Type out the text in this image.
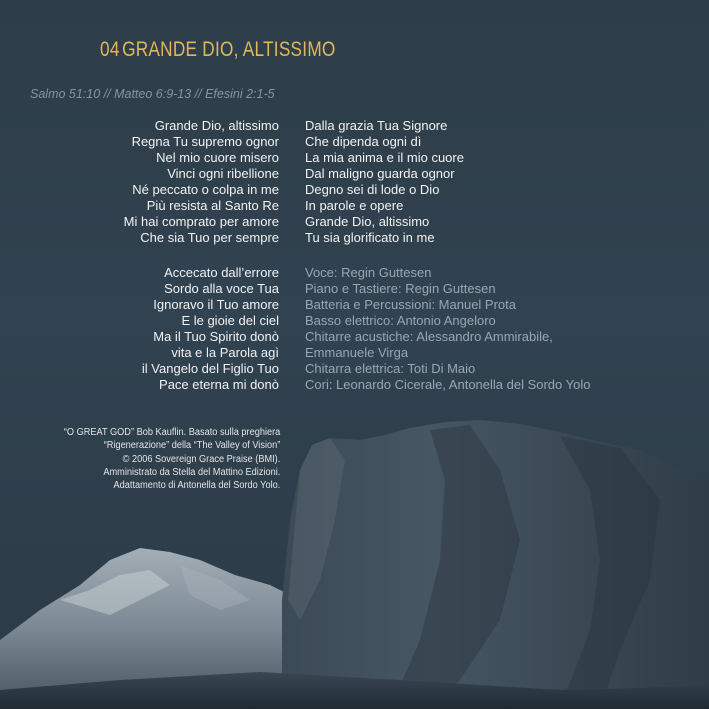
04 GRANDE DIO, ALTISSIMO
Salmo 51:10 // Matteo 6:9-13 // Efesini 2:1-5
Grande Dio, altissimo
Regna Tu supremo ognor
Nel mio cuore misero
Vinci ogni ribellione
Né peccato o colpa in me
Più resista al Santo Re
Mi hai comprato per amore
Che sia Tuo per sempre
Dalla grazia Tua Signore
Che dipenda ogni dì
La mia anima e il mio cuore
Dal maligno guarda ognor
Degno sei di lode o Dio
In parole e opere
Grande Dio, altissimo
Tu sia glorificato in me
Accecato dall’errore
Sordo alla voce Tua
Ignoravo il Tuo amore
E le gioie del ciel
Ma il Tuo Spirito donò
vita e la Parola agì
il Vangelo del Figlio Tuo
Pace eterna mi donò
Voce: Regin Guttesen
Piano e Tastiere: Regin Guttesen
Batteria e Percussioni: Manuel Prota
Basso elettrico: Antonio Angeloro
Chitarre acustiche: Alessandro Ammirabile,
Emmanuele Virga
Chitarra elettrica: Toti Di Maio
Cori: Leonardo Cicerale, Antonella del Sordo Yolo
“O GREAT GOD” Bob Kauflin. Basato sulla preghiera
“Rigenerazione” della “The Valley of Vision”
© 2006 Sovereign Grace Praise (BMI).
Amministrato da Stella del Mattino Edizioni.
Adattamento di Antonella del Sordo Yolo.
